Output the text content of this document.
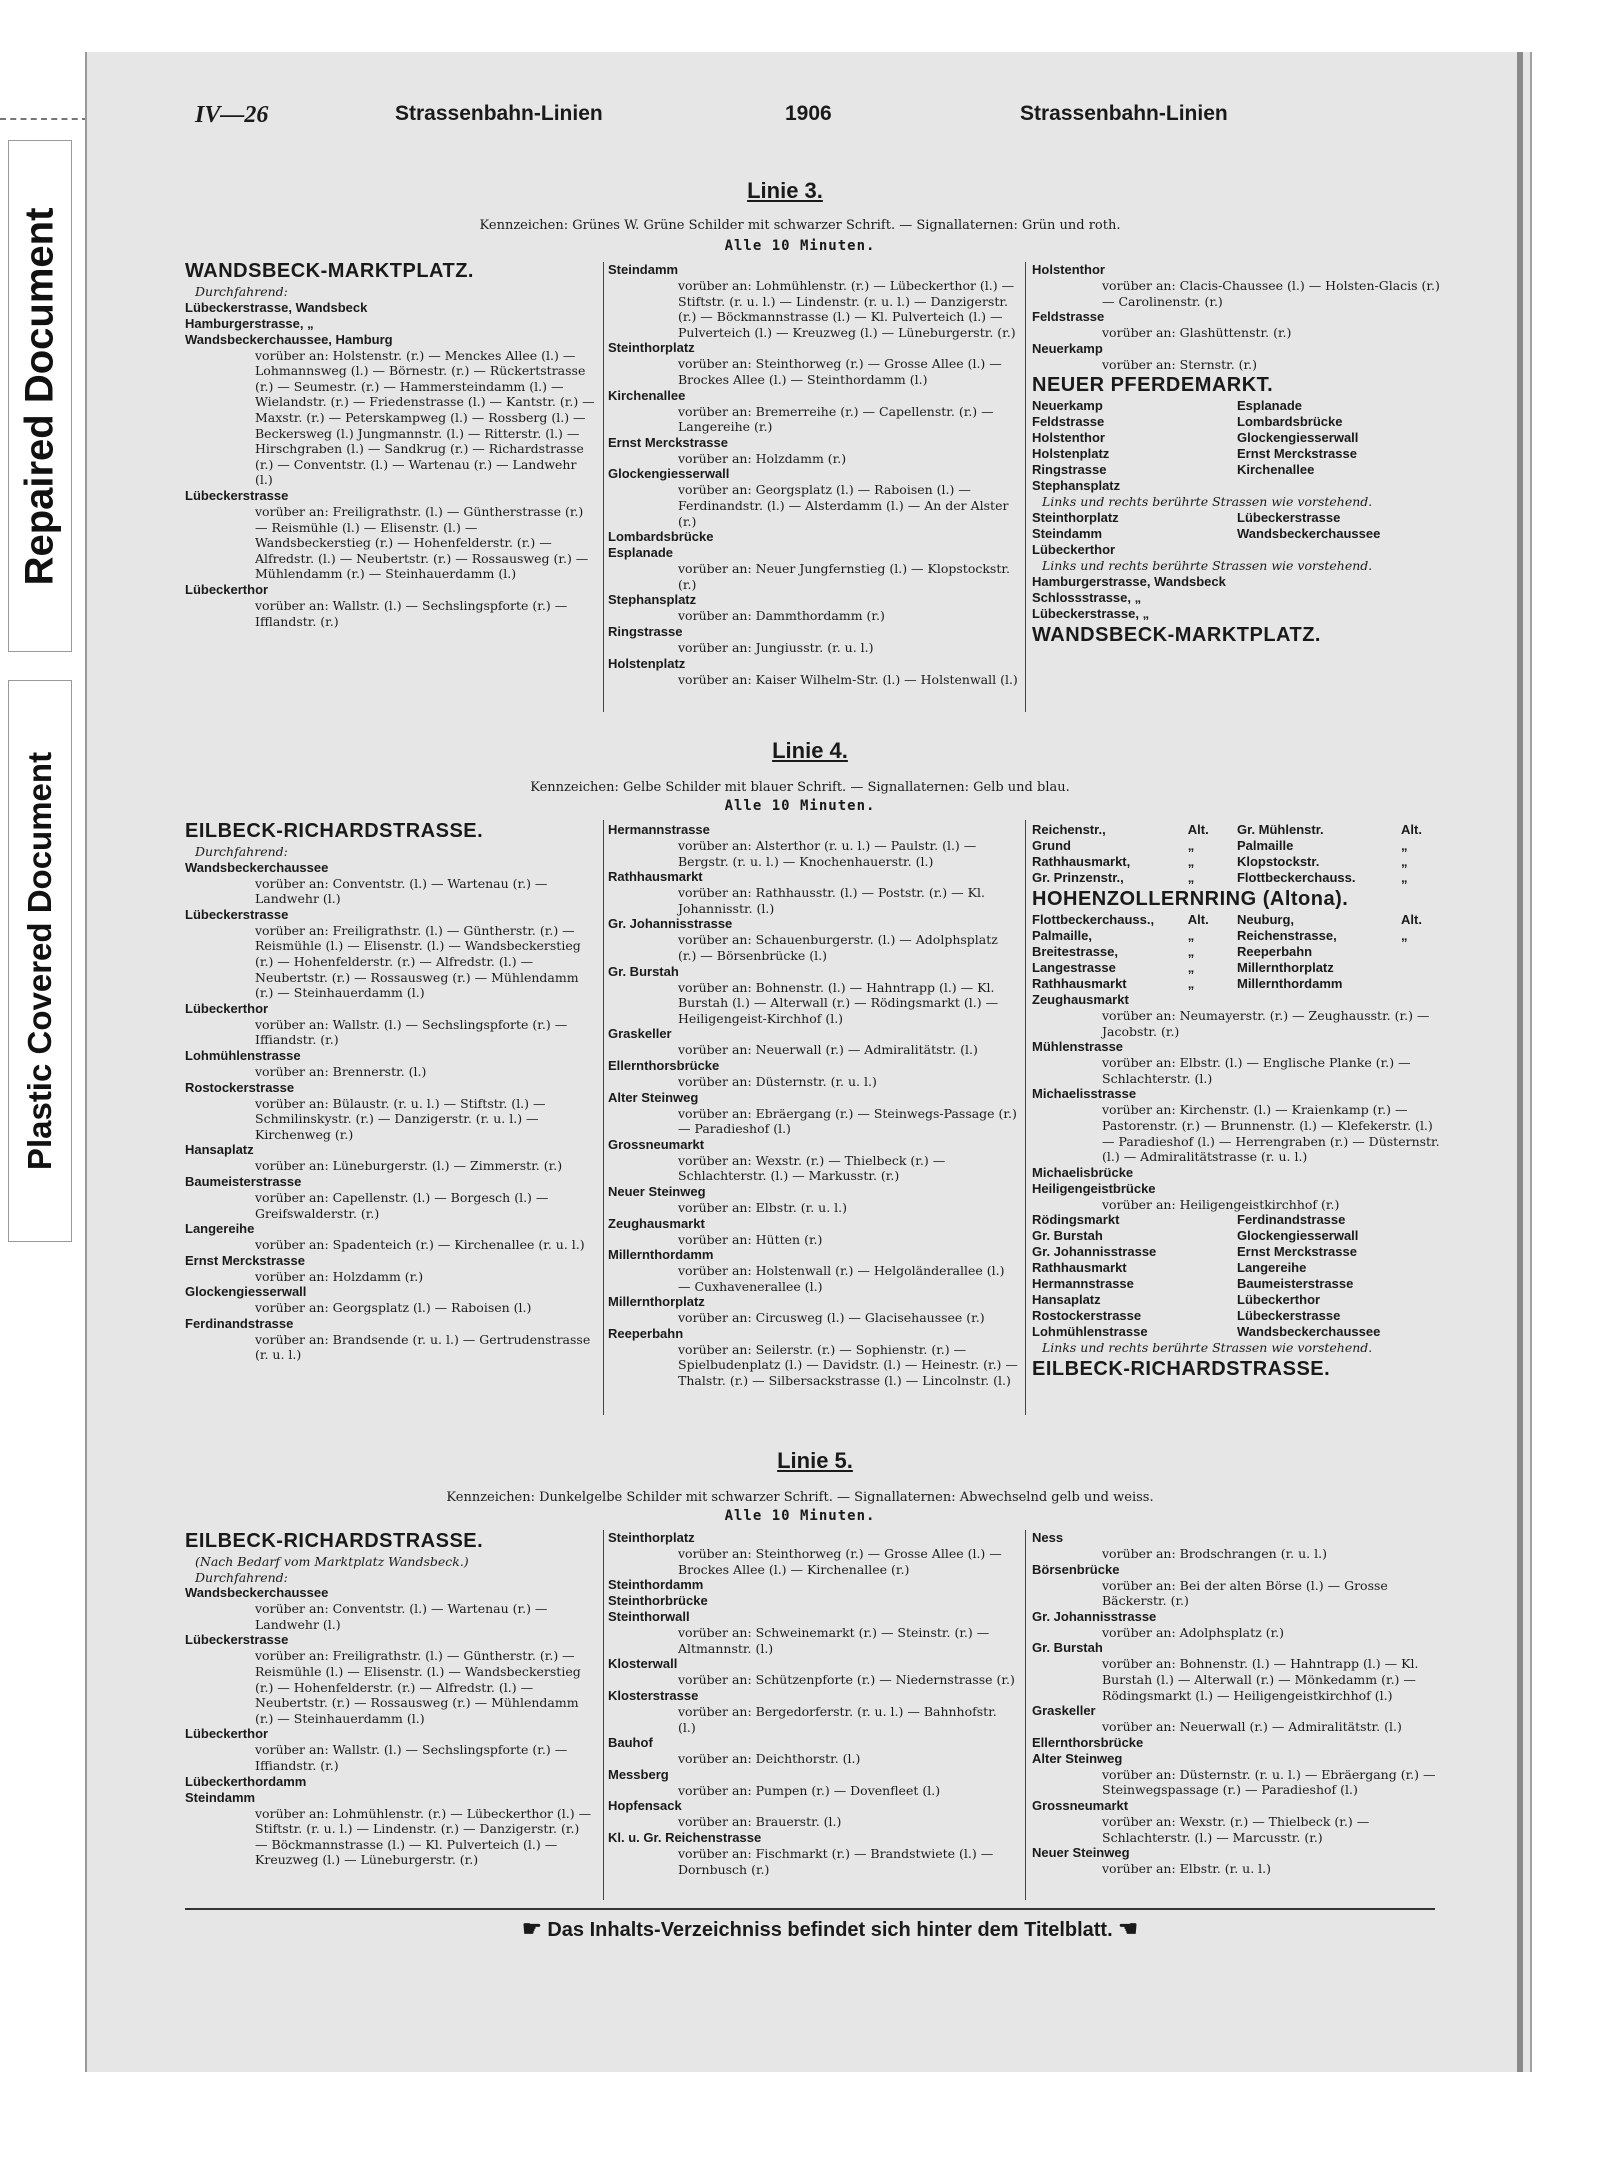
Repaired Document
Plastic Covered Document
IV—26	Strassenbahn-Linien	1906	Strassenbahn-Linien
Linie 3.
Kennzeichen: Grünes W. Grüne Schilder mit schwarzer Schrift. — Signallaternen: Grün und roth.
Alle 10 Minuten.
WANDSBECK-MARKTPLATZ.
Durchfahrend:
Lübeckerstrasse, Wandsbeck
Hamburgerstrasse, „
Wandsbeckerchaussee, Hamburg
vorüber an: Holstenstr. (r.) — Menckes Allee (l.) — Lohmannsweg (l.) — Börnestr. (r.) — Rückertstrasse (r.) — Seumestr. (r.) — Hammersteindamm (l.) — Wielandstr. (r.) — Friedenstrasse (l.) — Kantstr. (r.) — Maxstr. (r.) — Peterskampweg (l.) — Rossberg (l.) — Beckersweg (l.) Jungmannstr. (l.) — Ritterstr. (l.) — Hirschgraben (l.) — Sandkrug (r.) — Richardstrasse (r.) — Conventstr. (l.) — Wartenau (r.) — Landwehr (l.)
Lübeckerstrasse
vorüber an: Freiligrathstr. (l.) — Güntherstrasse (r.) — Reismühle (l.) — Elisenstr. (l.) — Wandsbeckerstieg (r.) — Hohenfelderstr. (r.) — Alfredstr. (l.) — Neubertstr. (r.) — Rossausweg (r.) — Mühlendamm (r.) — Steinhauerdamm (l.)
Lübeckerthor
vorüber an: Wallstr. (l.) — Sechslingspforte (r.) — Ifflandstr. (r.)
Steindamm
vorüber an: Lohmühlenstr. (r.) — Lübeckerthor (l.) — Stiftstr. (r. u. l.) — Lindenstr. (r. u. l.) — Danzigerstr. (r.) — Böckmannstrasse (l.) — Kl. Pulverteich (l.) — Pulverteich (l.) — Kreuzweg (l.) — Lüneburgerstr. (r.)
Steinthorplatz
vorüber an: Steinthorweg (r.) — Grosse Allee (l.) — Brockes Allee (l.) — Steinthordamm (l.)
Kirchenallee
vorüber an: Bremerreihe (r.) — Capellenstr. (r.) — Langereihe (r.)
Ernst Merckstrasse
vorüber an: Holzdamm (r.)
Glockengiesserwall
vorüber an: Georgsplatz (l.) — Raboisen (l.) — Ferdinandstr. (l.) — Alsterdamm (l.) — An der Alster (r.)
Lombardsbrücke
Esplanade
vorüber an: Neuer Jungfernstieg (l.) — Klopstockstr. (r.)
Stephansplatz
vorüber an: Dammthordamm (r.)
Ringstrasse
vorüber an: Jungiusstr. (r. u. l.)
Holstenplatz
vorüber an: Kaiser Wilhelm-Str. (l.) — Holstenwall (l.)
Holstenthor
vorüber an: Clacis-Chaussee (l.) — Holsten-Glacis (r.) — Carolinenstr. (r.)
Feldstrasse
vorüber an: Glashüttenstr. (r.)
Neuerkamp
vorüber an: Sternstr. (r.)
NEUER PFERDEMARKT.
Neuerkamp	Esplanade
Feldstrasse	Lombardsbrücke
Holstenthor	Glockengiesserwall
Holstenplatz	Ernst Merckstrasse
Ringstrasse	Kirchenallee
Stephansplatz
Links und rechts berührte Strassen wie vorstehend.
Steinthorplatz	Lübeckerstrasse
Steindamm	Wandsbeckerchaussee
Lübeckerthor
Links und rechts berührte Strassen wie vorstehend.
Hamburgerstrasse, Wandsbeck
Schlossstrasse, „
Lübeckerstrasse, „
WANDSBECK-MARKTPLATZ.
Linie 4.
Kennzeichen: Gelbe Schilder mit blauer Schrift. — Signallaternen: Gelb und blau.
Alle 10 Minuten.
EILBECK-RICHARDSTRASSE.
Durchfahrend:
Wandsbeckerchaussee
vorüber an: Conventstr. (l.) — Wartenau (r.) — Landwehr (l.)
Lübeckerstrasse
vorüber an: Freiligrathstr. (l.) — Güntherstr. (r.) — Reismühle (l.) — Elisenstr. (l.) — Wandsbeckerstieg (r.) — Hohenfelderstr. (r.) — Alfredstr. (l.) — Neubertstr. (r.) — Rossausweg (r.) — Mühlendamm (r.) — Steinhauerdamm (l.)
Lübeckerthor
vorüber an: Wallstr. (l.) — Sechslingspforte (r.) — Iffiandstr. (r.)
Lohmühlenstrasse
vorüber an: Brennerstr. (l.)
Rostockerstrasse
vorüber an: Bülaustr. (r. u. l.) — Stiftstr. (l.) — Schmilinskystr. (r.) — Danzigerstr. (r. u. l.) — Kirchenweg (r.)
Hansaplatz
vorüber an: Lüneburgerstr. (l.) — Zimmerstr. (r.)
Baumeisterstrasse
vorüber an: Capellenstr. (l.) — Borgesch (l.) — Greifswalderstr. (r.)
Langereihe
vorüber an: Spadenteich (r.) — Kirchenallee (r. u. l.)
Ernst Merckstrasse
vorüber an: Holzdamm (r.)
Glockengiesserwall
vorüber an: Georgsplatz (l.) — Raboisen (l.)
Ferdinandstrasse
vorüber an: Brandsende (r. u. l.) — Gertrudenstrasse (r. u. l.)
Hermannstrasse
vorüber an: Alsterthor (r. u. l.) — Paulstr. (l.) — Bergstr. (r. u. l.) — Knochenhauerstr. (l.)
Rathhausmarkt
vorüber an: Rathhausstr. (l.) — Poststr. (r.) — Kl. Johannisstr. (l.)
Gr. Johannisstrasse
vorüber an: Schauenburgerstr. (l.) — Adolphsplatz (r.) — Börsenbrücke (l.)
Gr. Burstah
vorüber an: Bohnenstr. (l.) — Hahntrapp (l.) — Kl. Burstah (l.) — Alterwall (r.) — Rödingsmarkt (l.) — Heiligengeist-Kirchhof (l.)
Graskeller
vorüber an: Neuerwall (r.) — Admiralitätstr. (l.)
Ellernthorsbrücke
vorüber an: Düsternstr. (r. u. l.)
Alter Steinweg
vorüber an: Ebräergang (r.) — Steinwegs-Passage (r.) — Paradieshof (l.)
Grossneumarkt
vorüber an: Wexstr. (r.) — Thielbeck (r.) — Schlachterstr. (l.) — Markusstr. (r.)
Neuer Steinweg
vorüber an: Elbstr. (r. u. l.)
Zeughausmarkt
vorüber an: Hütten (r.)
Millernthordamm
vorüber an: Holstenwall (r.) — Helgoländerallee (l.) — Cuxhavenerallee (l.)
Millernthorplatz
vorüber an: Circusweg (l.) — Glacisehaussee (r.)
Reeperbahn
vorüber an: Seilerstr. (r.) — Sophienstr. (r.) — Spielbudenplatz (l.) — Davidstr. (l.) — Heinestr. (r.) — Thalstr. (r.) — Silbersackstrasse (l.) — Lincolnstr. (l.)
Reichenstr.,	Alt.	Gr. Mühlenstr.	Alt.
Grund	„	Palmaille	„
Rathhausmarkt,	„	Klopstockstr.	„
Gr. Prinzenstr.,	„	Flottbeckerchauss.	„
HOHENZOLLERNRING (Altona).
Flottbeckerchauss.,	Alt.	Neuburg,	Alt.
Palmaille,	„	Reichenstrasse,	„
Breitestrasse,	„	Reeperbahn
Langestrasse	„	Millernthorplatz
Rathhausmarkt	„	Millernthordamm
Zeughausmarkt
vorüber an: Neumayerstr. (r.) — Zeughausstr. (r.) — Jacobstr. (r.)
Mühlenstrasse
vorüber an: Elbstr. (l.) — Englische Planke (r.) — Schlachterstr. (l.)
Michaelisstrasse
vorüber an: Kirchenstr. (l.) — Kraienkamp (r.) — Pastorenstr. (r.) — Brunnenstr. (l.) — Klefekerstr. (l.) — Paradieshof (l.) — Herrengraben (r.) — Düsternstr. (l.) — Admiralitätstrasse (r. u. l.)
Michaelisbrücke
Heiligengeistbrücke
vorüber an: Heiligengeistkirchhof (r.)
Rödingsmarkt	Ferdinandstrasse
Gr. Burstah	Glockengiesserwall
Gr. Johannisstrasse	Ernst Merckstrasse
Rathhausmarkt	Langereihe
Hermannstrasse	Baumeisterstrasse
Hansaplatz	Lübeckerthor
Rostockerstrasse	Lübeckerstrasse
Lohmühlenstrasse	Wandsbeckerchaussee
Links und rechts berührte Strassen wie vorstehend.
EILBECK-RICHARDSTRASSE.
Linie 5.
Kennzeichen: Dunkelgelbe Schilder mit schwarzer Schrift. — Signallaternen: Abwechselnd gelb und weiss.
Alle 10 Minuten.
EILBECK-RICHARDSTRASSE.
(Nach Bedarf vom Marktplatz Wandsbeck.)
Durchfahrend:
Wandsbeckerchaussee
vorüber an: Conventstr. (l.) — Wartenau (r.) — Landwehr (l.)
Lübeckerstrasse
vorüber an: Freiligrathstr. (l.) — Güntherstr. (r.) — Reismühle (l.) — Elisenstr. (l.) — Wandsbeckerstieg (r.) — Hohenfelderstr. (r.) — Alfredstr. (l.) — Neubertstr. (r.) — Rossausweg (r.) — Mühlendamm (r.) — Steinhauerdamm (l.)
Lübeckerthor
vorüber an: Wallstr. (l.) — Sechslingspforte (r.) — Iffiandstr. (r.)
Lübeckerthordamm
Steindamm
vorüber an: Lohmühlenstr. (r.) — Lübeckerthor (l.) — Stiftstr. (r. u. l.) — Lindenstr. (r.) — Danzigerstr. (r.) — Böckmannstrasse (l.) — Kl. Pulverteich (l.) — Kreuzweg (l.) — Lüneburgerstr. (r.)
Steinthorplatz
vorüber an: Steinthorweg (r.) — Grosse Allee (l.) — Brockes Allee (l.) — Kirchenallee (r.)
Steinthordamm
Steinthorbrücke
Steinthorwall
vorüber an: Schweinemarkt (r.) — Steinstr. (r.) — Altmannstr. (l.)
Klosterwall
vorüber an: Schützenpforte (r.) — Niedernstrasse (r.)
Klosterstrasse
vorüber an: Bergedorferstr. (r. u. l.) — Bahnhofstr. (l.)
Bauhof
vorüber an: Deichthorstr. (l.)
Messberg
vorüber an: Pumpen (r.) — Dovenfleet (l.)
Hopfensack
vorüber an: Brauerstr. (l.)
Kl. u. Gr. Reichenstrasse
vorüber an: Fischmarkt (r.) — Brandstwiete (l.) — Dornbusch (r.)
Ness
vorüber an: Brodschrangen (r. u. l.)
Börsenbrücke
vorüber an: Bei der alten Börse (l.) — Grosse Bäckerstr. (r.)
Gr. Johannisstrasse
vorüber an: Adolphsplatz (r.)
Gr. Burstah
vorüber an: Bohnenstr. (l.) — Hahntrapp (l.) — Kl. Burstah (l.) — Alterwall (r.) — Mönkedamm (r.) — Rödingsmarkt (l.) — Heiligengeistkirchhof (l.)
Graskeller
vorüber an: Neuerwall (r.) — Admiralitätstr. (l.)
Ellernthorsbrücke
Alter Steinweg
vorüber an: Düsternstr. (r. u. l.) — Ebräergang (r.) — Steinwegspassage (r.) — Paradieshof (l.)
Grossneumarkt
vorüber an: Wexstr. (r.) — Thielbeck (r.) — Schlachterstr. (l.) — Marcusstr. (r.)
Neuer Steinweg
vorüber an: Elbstr. (r. u. l.)
☛ Das Inhalts-Verzeichniss befindet sich hinter dem Titelblatt. ☚
